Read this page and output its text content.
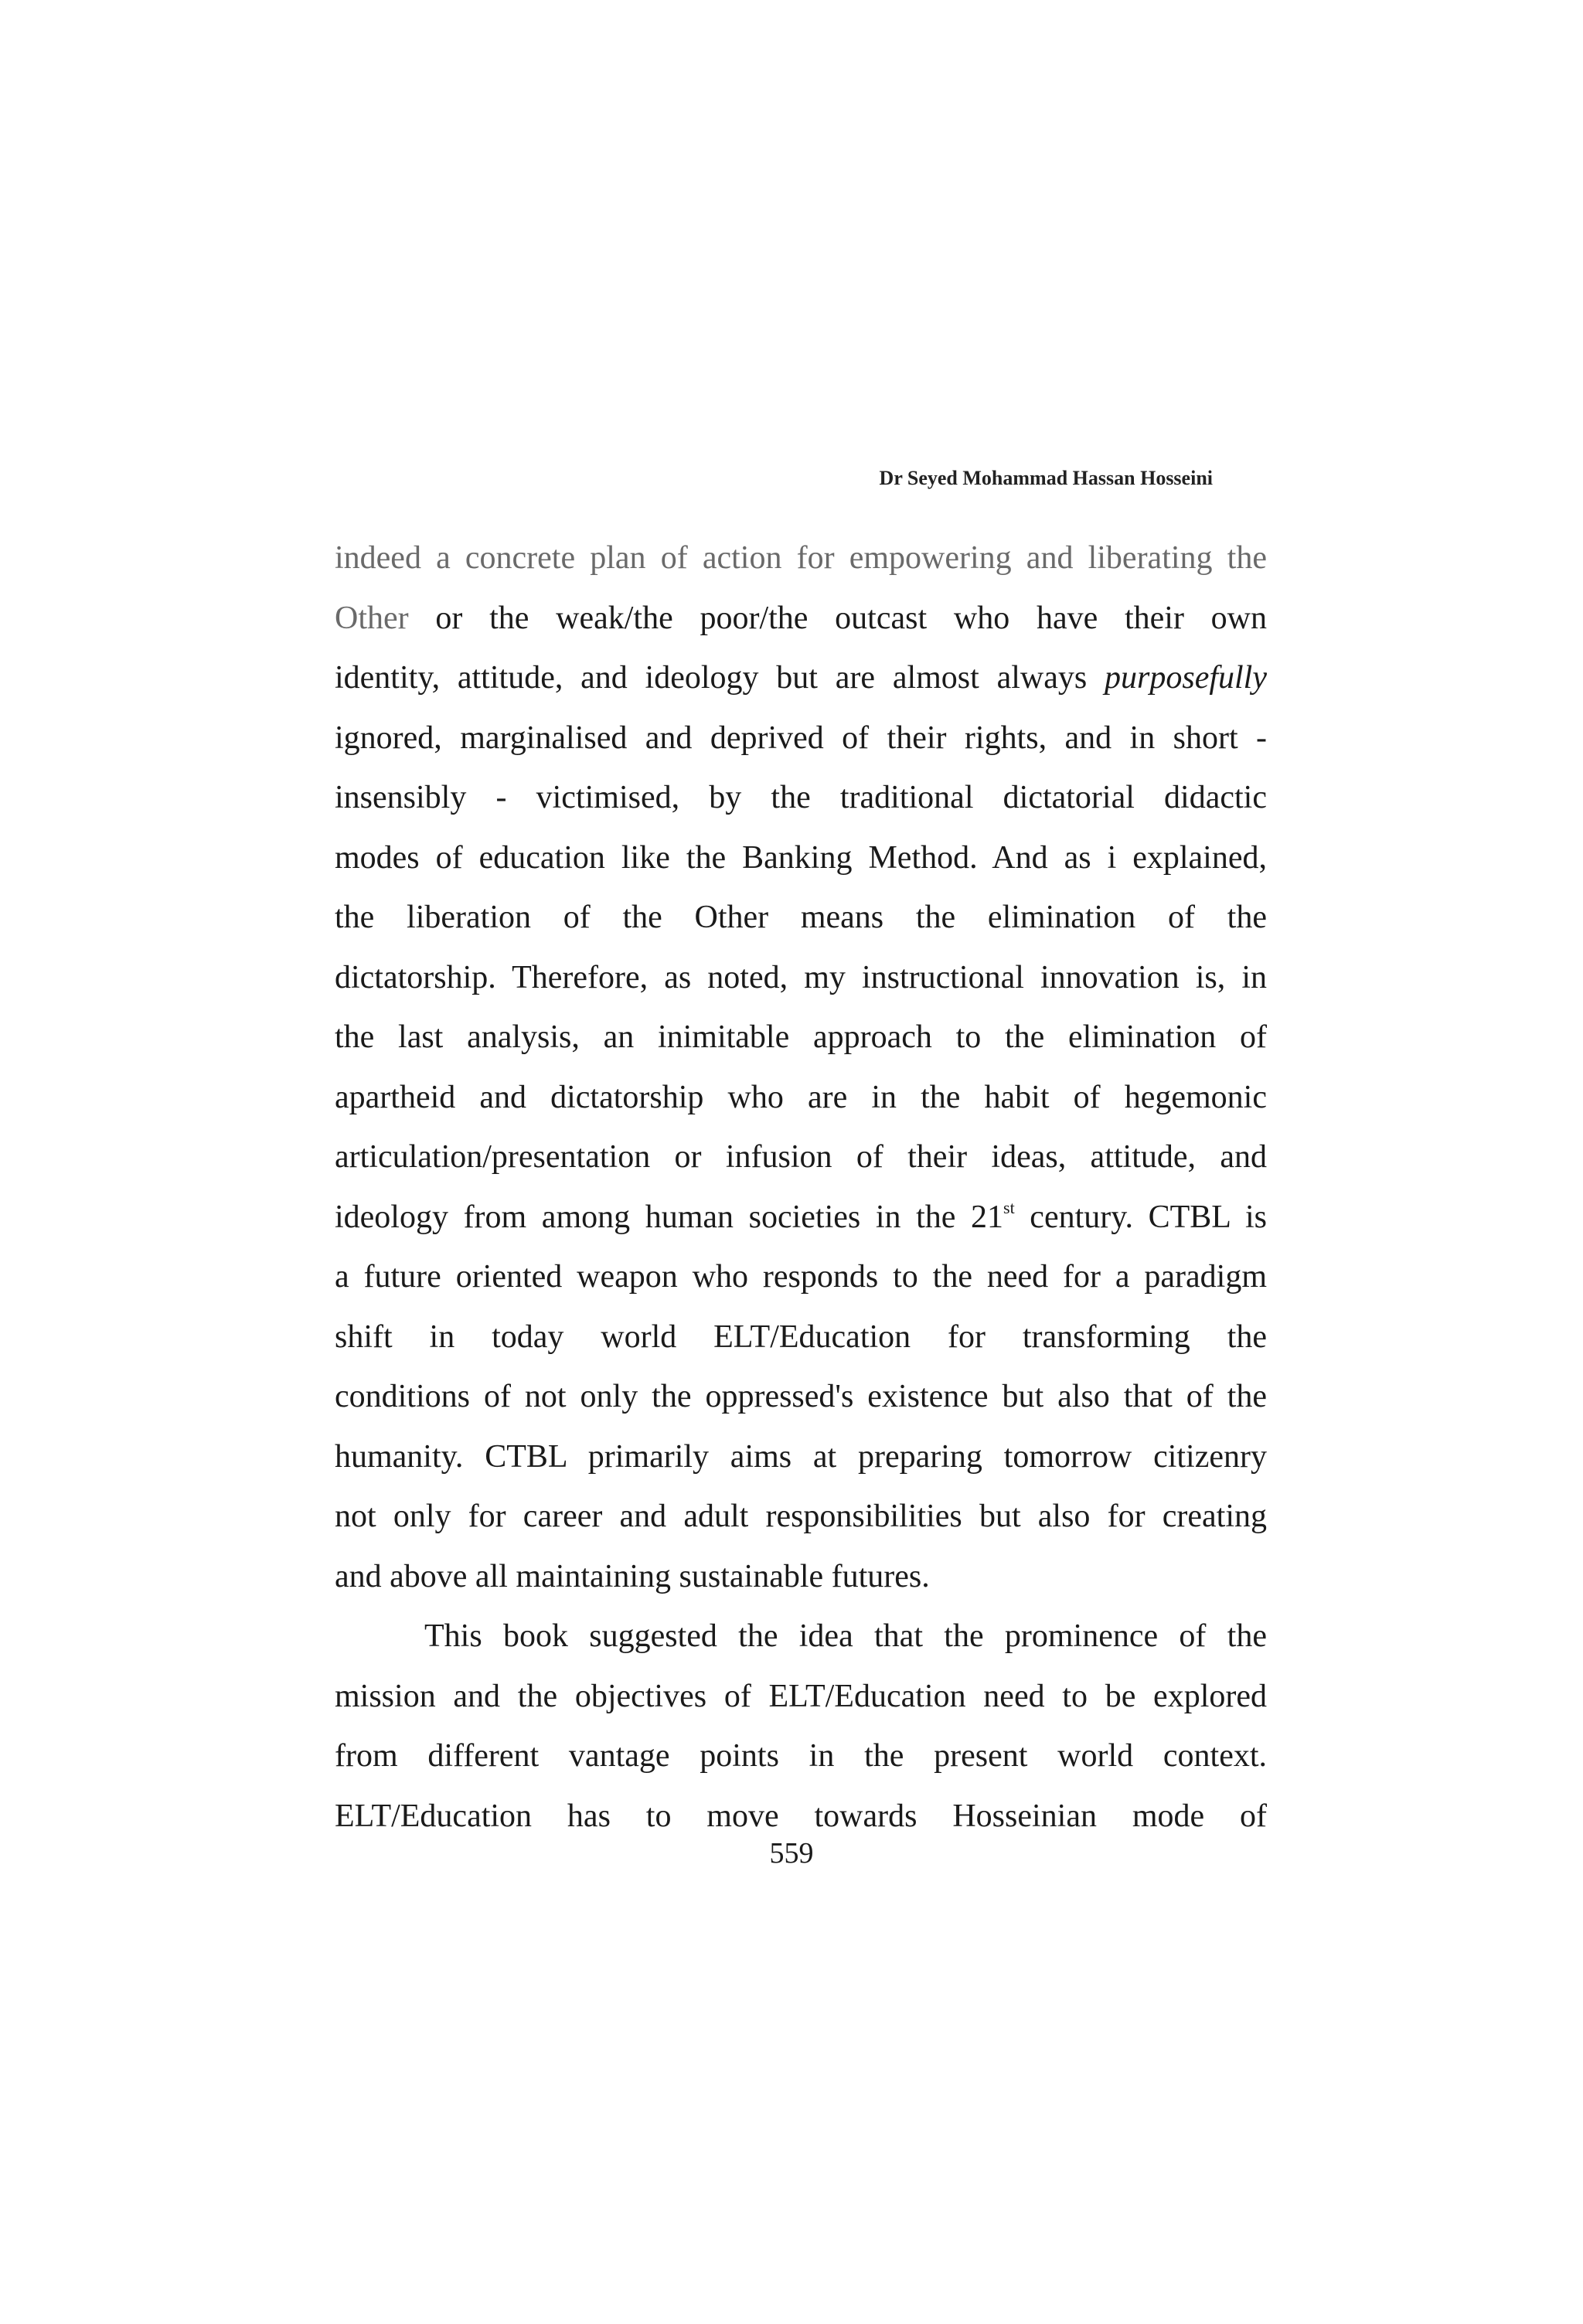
Dr Seyed Mohammad Hassan Hosseini
indeed a concrete plan of action for empowering and liberating the
Other or the weak/the poor/the outcast who have their own
identity, attitude, and ideology but are almost always purposefully
ignored, marginalised and deprived of their rights, and in short -
insensibly - victimised, by the traditional dictatorial didactic
modes of education like the Banking Method. And as i explained,
the liberation of the Other means the elimination of the
dictatorship. Therefore, as noted, my instructional innovation is, in
the last analysis, an inimitable approach to the elimination of
apartheid and dictatorship who are in the habit of hegemonic
articulation/presentation or infusion of their ideas, attitude, and
ideology from among human societies in the 21st century. CTBL is
a future oriented weapon who responds to the need for a paradigm
shift in today world ELT/Education for transforming the
conditions of not only the oppressed's existence but also that of the
humanity. CTBL primarily aims at preparing tomorrow citizenry
not only for career and adult responsibilities but also for creating
and above all maintaining sustainable futures.
This book suggested the idea that the prominence of the
mission and the objectives of ELT/Education need to be explored
from different vantage points in the present world context.
ELT/Education has to move towards Hosseinian mode of
559
